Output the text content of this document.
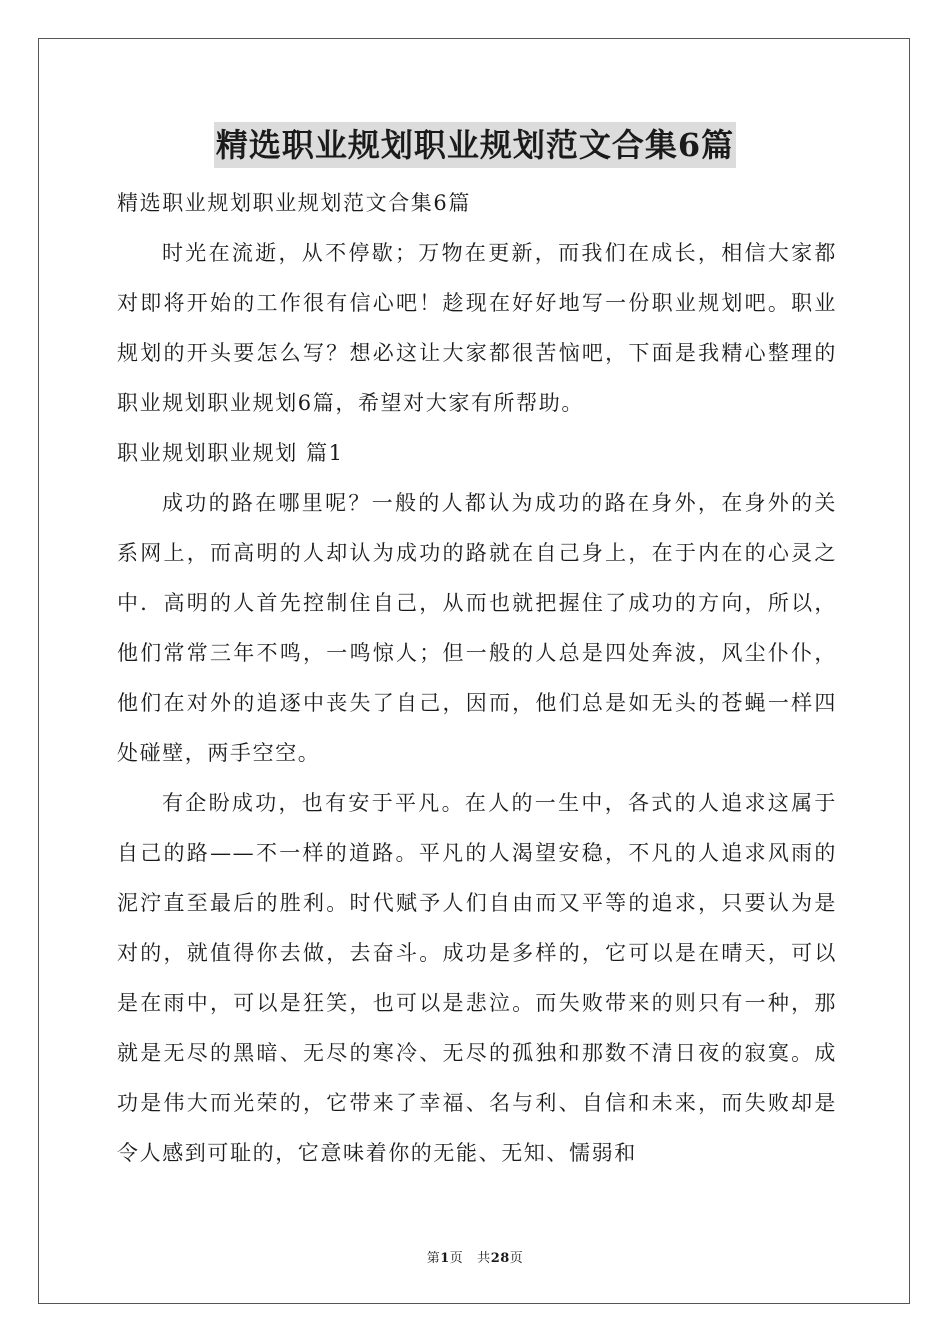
精选职业规划职业规划范文合集6篇

精选职业规划职业规划范文合集6篇

时光在流逝，从不停歇；万物在更新，而我们在成长，相信大家都对即将开始的工作很有信心吧！趁现在好好地写一份职业规划吧。职业规划的开头要怎么写？想必这让大家都很苦恼吧，下面是我精心整理的职业规划职业规划6篇，希望对大家有所帮助。

职业规划职业规划 篇1

成功的路在哪里呢？一般的人都认为成功的路在身外，在身外的关系网上，而高明的人却认为成功的路就在自己身上，在于内在的心灵之中．高明的人首先控制住自己，从而也就把握住了成功的方向，所以，他们常常三年不鸣，一鸣惊人；但一般的人总是四处奔波，风尘仆仆，他们在对外的追逐中丧失了自己，因而，他们总是如无头的苍蝇一样四处碰壁，两手空空。

有企盼成功，也有安于平凡。在人的一生中，各式的人追求这属于自己的路——不一样的道路。平凡的人渴望安稳，不凡的人追求风雨的泥泞直至最后的胜利。时代赋予人们自由而又平等的追求，只要认为是对的，就值得你去做，去奋斗。成功是多样的，它可以是在晴天，可以是在雨中，可以是狂笑，也可以是悲泣。而失败带来的则只有一种，那就是无尽的黑暗、无尽的寒冷、无尽的孤独和那数不清日夜的寂寞。成功是伟大而光荣的，它带来了幸福、名与利、自信和未来，而失败却是令人感到可耻的，它意味着你的无能、无知、懦弱和

第1页 共28页
